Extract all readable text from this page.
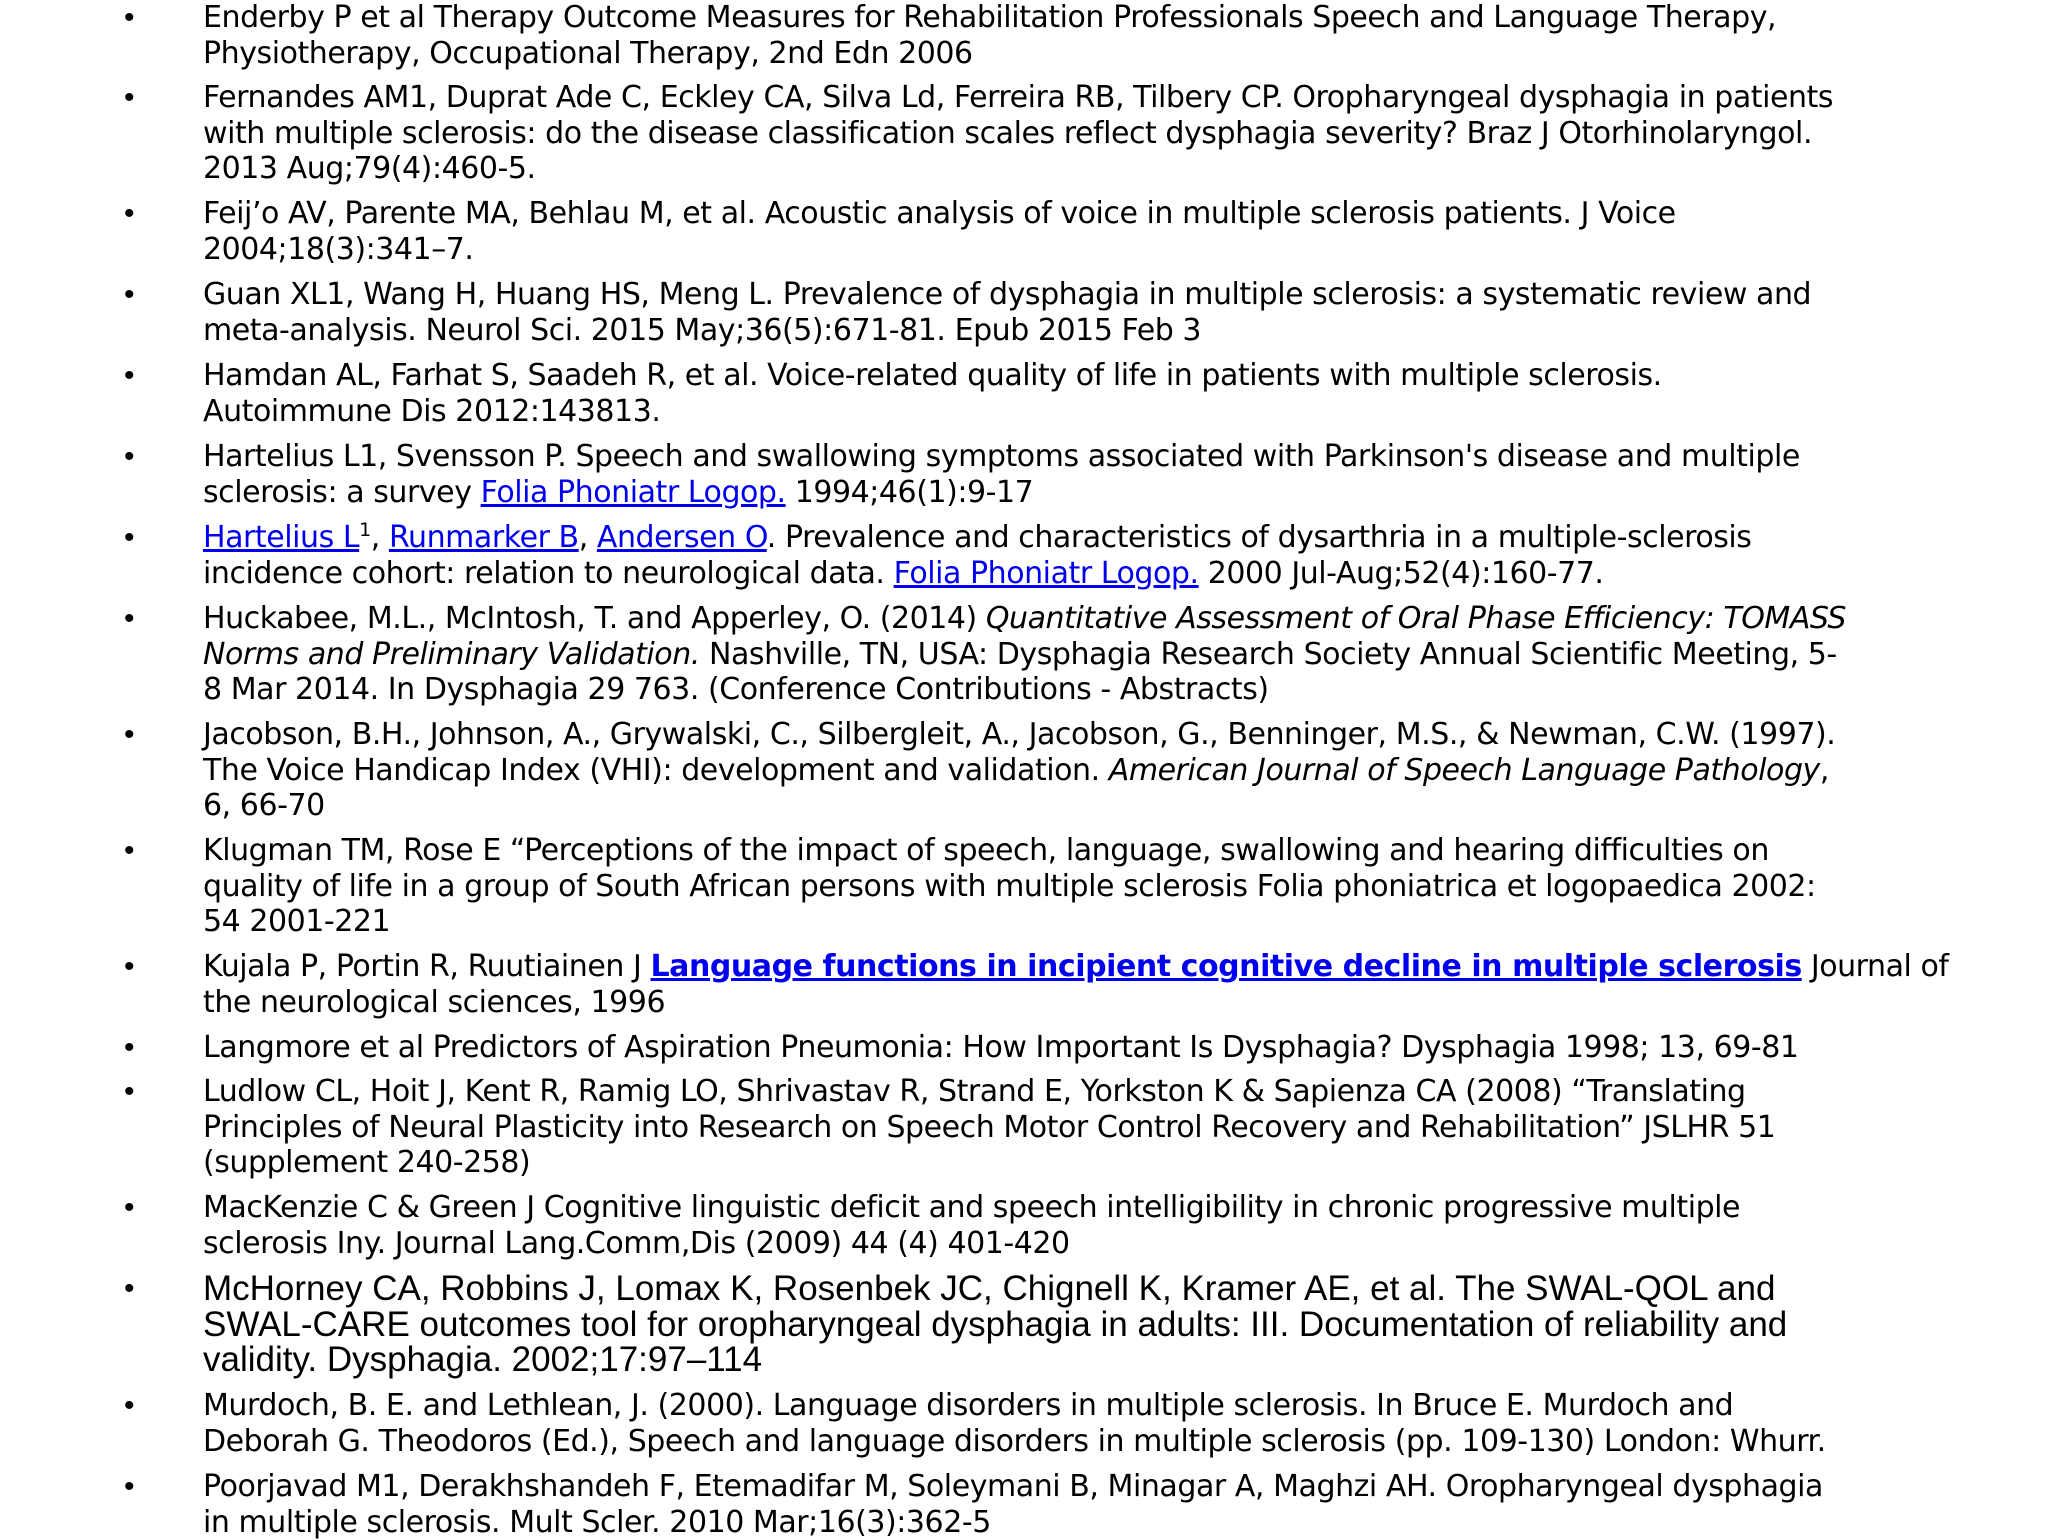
• Enderby P et al Therapy Outcome Measures for Rehabilitation Professionals Speech and Language Therapy,
Physiotherapy, Occupational Therapy, 2nd Edn 2006
• Fernandes AM1, Duprat Ade C, Eckley CA, Silva Ld, Ferreira RB, Tilbery CP. Oropharyngeal dysphagia in patients
with multiple sclerosis: do the disease classification scales reflect dysphagia severity? Braz J Otorhinolaryngol.
2013 Aug;79(4):460-5.
• Feij’o AV, Parente MA, Behlau M, et al. Acoustic analysis of voice in multiple sclerosis patients. J Voice
2004;18(3):341–7.
• Guan XL1, Wang H, Huang HS, Meng L. Prevalence of dysphagia in multiple sclerosis: a systematic review and
meta-analysis. Neurol Sci. 2015 May;36(5):671-81. Epub 2015 Feb 3
• Hamdan AL, Farhat S, Saadeh R, et al. Voice-related quality of life in patients with multiple sclerosis.
Autoimmune Dis 2012:143813.
• Hartelius L1, Svensson P. Speech and swallowing symptoms associated with Parkinson's disease and multiple
sclerosis: a survey Folia Phoniatr Logop. 1994;46(1):9-17
• Hartelius $L^1$, Runmarker B, Andersen O. Prevalence and characteristics of dysarthria in a multiple-sclerosis
incidence cohort: relation to neurological data. Folia Phoniatr Logop. 2000 Jul-Aug;52(4):160-77.
• Huckabee, M.L., McIntosh, T. and Apperley, O. (2014) Quantitative Assessment of Oral Phase Efficiency: TOMASS
Norms and Preliminary Validation. Nashville, TN, USA: Dysphagia Research Society Annual Scientific Meeting, 5-
8 Mar 2014. In Dysphagia 29 763. (Conference Contributions - Abstracts)
• Jacobson, B.H., Johnson, A., Grywalski, C., Silbergleit, A., Jacobson, G., Benninger, M.S., & Newman, C.W. (1997).
The Voice Handicap Index (VHI): development and validation. American Journal of Speech Language Pathology,
6, 66-70
• Klugman TM, Rose E “Perceptions of the impact of speech, language, swallowing and hearing difficulties on
quality of life in a group of South African persons with multiple sclerosis Folia phoniatrica et logopaedica 2002:
54 2001-221
• Kujala P, Portin R, Ruutiainen J Language functions in incipient cognitive decline in multiple sclerosis Journal of
the neurological sciences, 1996
• Langmore et al Predictors of Aspiration Pneumonia: How Important Is Dysphagia? Dysphagia 1998; 13, 69-81
• Ludlow CL, Hoit J, Kent R, Ramig LO, Shrivastav R, Strand E, Yorkston K & Sapienza CA (2008) “Translating
Principles of Neural Plasticity into Research on Speech Motor Control Recovery and Rehabilitation” JSLHR 51
(supplement 240-258)
• MacKenzie C & Green J Cognitive linguistic deficit and speech intelligibility in chronic progressive multiple
sclerosis Iny. Journal Lang.Comm,Dis (2009) 44 (4) 401-420
• McHorney CA, Robbins J, Lomax K, Rosenbek JC, Chignell K, Kramer AE, et al. The SWAL-QOL and
SWAL-CARE outcomes tool for oropharyngeal dysphagia in adults: III. Documentation of reliability and
validity. Dysphagia. 2002;17:97–114
• Murdoch, B. E. and Lethlean, J. (2000). Language disorders in multiple sclerosis. In Bruce E. Murdoch and
Deborah G. Theodoros (Ed.), Speech and language disorders in multiple sclerosis (pp. 109-130) London: Whurr.
• Poorjavad M1, Derakhshandeh F, Etemadifar M, Soleymani B, Minagar A, Maghzi AH. Oropharyngeal dysphagia
in multiple sclerosis. Mult Scler. 2010 Mar;16(3):362-5
